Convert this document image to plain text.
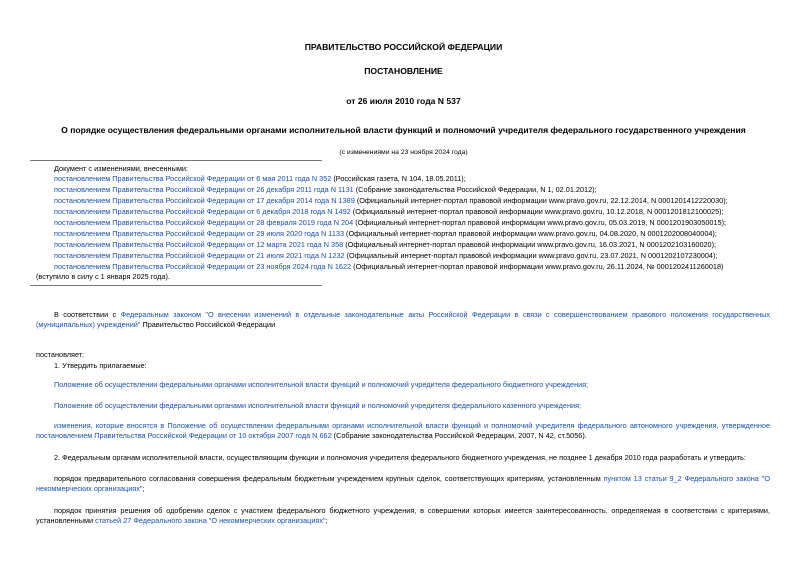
ПРАВИТЕЛЬСТВО РОССИЙСКОЙ ФЕДЕРАЦИИ
ПОСТАНОВЛЕНИЕ
от 26 июля 2010 года N 537
О порядке осуществления федеральными органами исполнительной власти функций и полномочий учредителя федерального государственного учреждения
(с изменениями на 23 ноября 2024 года)
Документ с изменениями, внесенными:
постановлением Правительства Российской Федерации от 6 мая 2011 года N 352 (Российская газета, N 104, 18.05.2011);
постановлением Правительства Российской Федерации от 26 декабря 2011 года N 1131 (Собрание законодательства Российской Федерации, N 1, 02.01.2012);
постановлением Правительства Российской Федерации от 17 декабря 2014 года N 1389 (Официальный интернет-портал правовой информации www.pravo.gov.ru, 22.12.2014, N 0001201412220030);
постановлением Правительства Российской Федерации от 6 декабря 2018 года N 1492 (Официальный интернет-портал правовой информации www.pravo.gov.ru, 10.12.2018, N 0001201812100025);
постановлением Правительства Российской Федерации от 28 февраля 2019 года N 204 (Официальный интернет-портал правовой информации www.pravo.gov.ru, 05.03.2019, N 0001201903050015);
постановлением Правительства Российской Федерации от 29 июля 2020 года N 1133 (Официальный интернет-портал правовой информации www.pravo.gov.ru, 04.08.2020, N 0001202008040004);
постановлением Правительства Российской Федерации от 12 марта 2021 года N 358 (Официальный интернет-портал правовой информации www.pravo.gov.ru, 16.03.2021, N 0001202103160020);
постановлением Правительства Российской Федерации от 21 июля 2021 года N 1232 (Официальный интернет-портал правовой информации www.pravo.gov.ru, 23.07.2021, N 0001202107230004);
постановлением Правительства Российской Федерации от 23 ноября 2024 года N 1622 (Официальный интернет-портал правовой информации www.pravo.gov.ru, 26.11.2024, № 0001202411260018) (вступило в силу с 1 января 2025 года).
В соответствии с Федеральным законом "О внесении изменений в отдельные законодательные акты Российской Федерации в связи с совершенствованием правового положения государственных (муниципальных) учреждений" Правительство Российской Федерации
постановляет:
1. Утвердить прилагаемые:
Положение об осуществлении федеральными органами исполнительной власти функций и полномочий учредителя федерального бюджетного учреждения;
Положение об осуществлении федеральными органами исполнительной власти функций и полномочий учредителя федерального казенного учреждения;
изменения, которые вносятся в Положение об осуществлении федеральными органами исполнительной власти функций и полномочий учредителя федерального автономного учреждения, утвержденное постановлением Правительства Российской Федерации от 10 октября 2007 года N 662 (Собрание законодательства Российской Федерации, 2007, N 42, ст.5056).
2. Федеральным органам исполнительной власти, осуществляющим функции и полномочия учредителя федерального бюджетного учреждения, не позднее 1 декабря 2010 года разработать и утвердить:
порядок предварительного согласования совершения федеральным бюджетным учреждением крупных сделок, соответствующих критериям, установленным пунктом 13 статьи 9_2 Федерального закона "О некоммерческих организациях";
порядок принятия решения об одобрении сделок с участием федерального бюджетного учреждения, в совершении которых имеется заинтересованность, определяемая в соответствии с критериями, установленными статьей 27 Федерального закона "О некоммерческих организациях";
